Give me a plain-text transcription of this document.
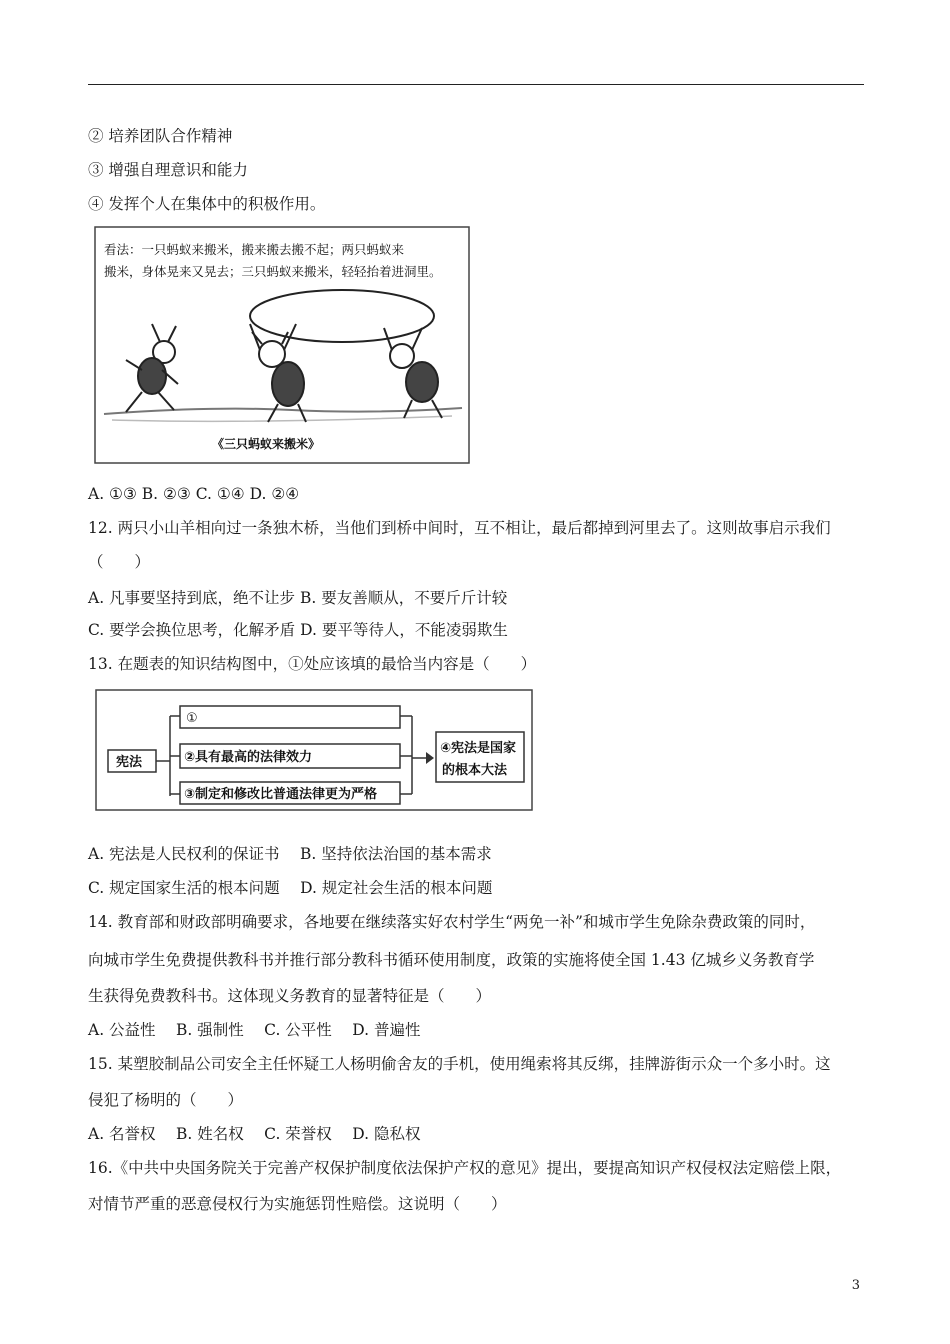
② 培养团队合作精神
③ 增强自理意识和能力
④ 发挥个人在集体中的积极作用。
看法：一只蚂蚁来搬米，搬来搬去搬不起；两只蚂蚁来
搬米，身体晃来又晃去；三只蚂蚁来搬米，轻轻抬着进洞里。
《三只蚂蚁来搬米》
A. ①③ B. ②③ C. ①④ D. ②④
12. 两只小山羊相向过一条独木桥，当他们到桥中间时，互不相让，最后都掉到河里去了。这则故事启示我们
（　　）
A. 凡事要坚持到底，绝不让步 B. 要友善顺从，不要斤斤计较
C. 要学会换位思考，化解矛盾 D. 要平等待人，不能凌弱欺生
13. 在题表的知识结构图中，①处应该填的最恰当内容是（　　）
宪法
①
②具有最高的法律效力
③制定和修改比普通法律更为严格
④宪法是国家
的根本大法
A. 宪法是人民权利的保证书　 B. 坚持依法治国的基本需求
C. 规定国家生活的根本问题　 D. 规定社会生活的根本问题
14. 教育部和财政部明确要求，各地要在继续落实好农村学生“两免一补”和城市学生免除杂费政策的同时，
向城市学生免费提供教科书并推行部分教科书循环使用制度，政策的实施将使全国 1.43 亿城乡义务教育学
生获得免费教科书。这体现义务教育的显著特征是（　　）
A. 公益性　 B. 强制性　 C. 公平性　 D. 普遍性
15. 某塑胶制品公司安全主任怀疑工人杨明偷舍友的手机，使用绳索将其反绑，挂牌游街示众一个多小时。这
侵犯了杨明的（　　）
A. 名誉权　 B. 姓名权　 C. 荣誉权　 D. 隐私权
16.《中共中央国务院关于完善产权保护制度依法保护产权的意见》提出，要提高知识产权侵权法定赔偿上限，
对情节严重的恶意侵权行为实施惩罚性赔偿。这说明（　　）
3
